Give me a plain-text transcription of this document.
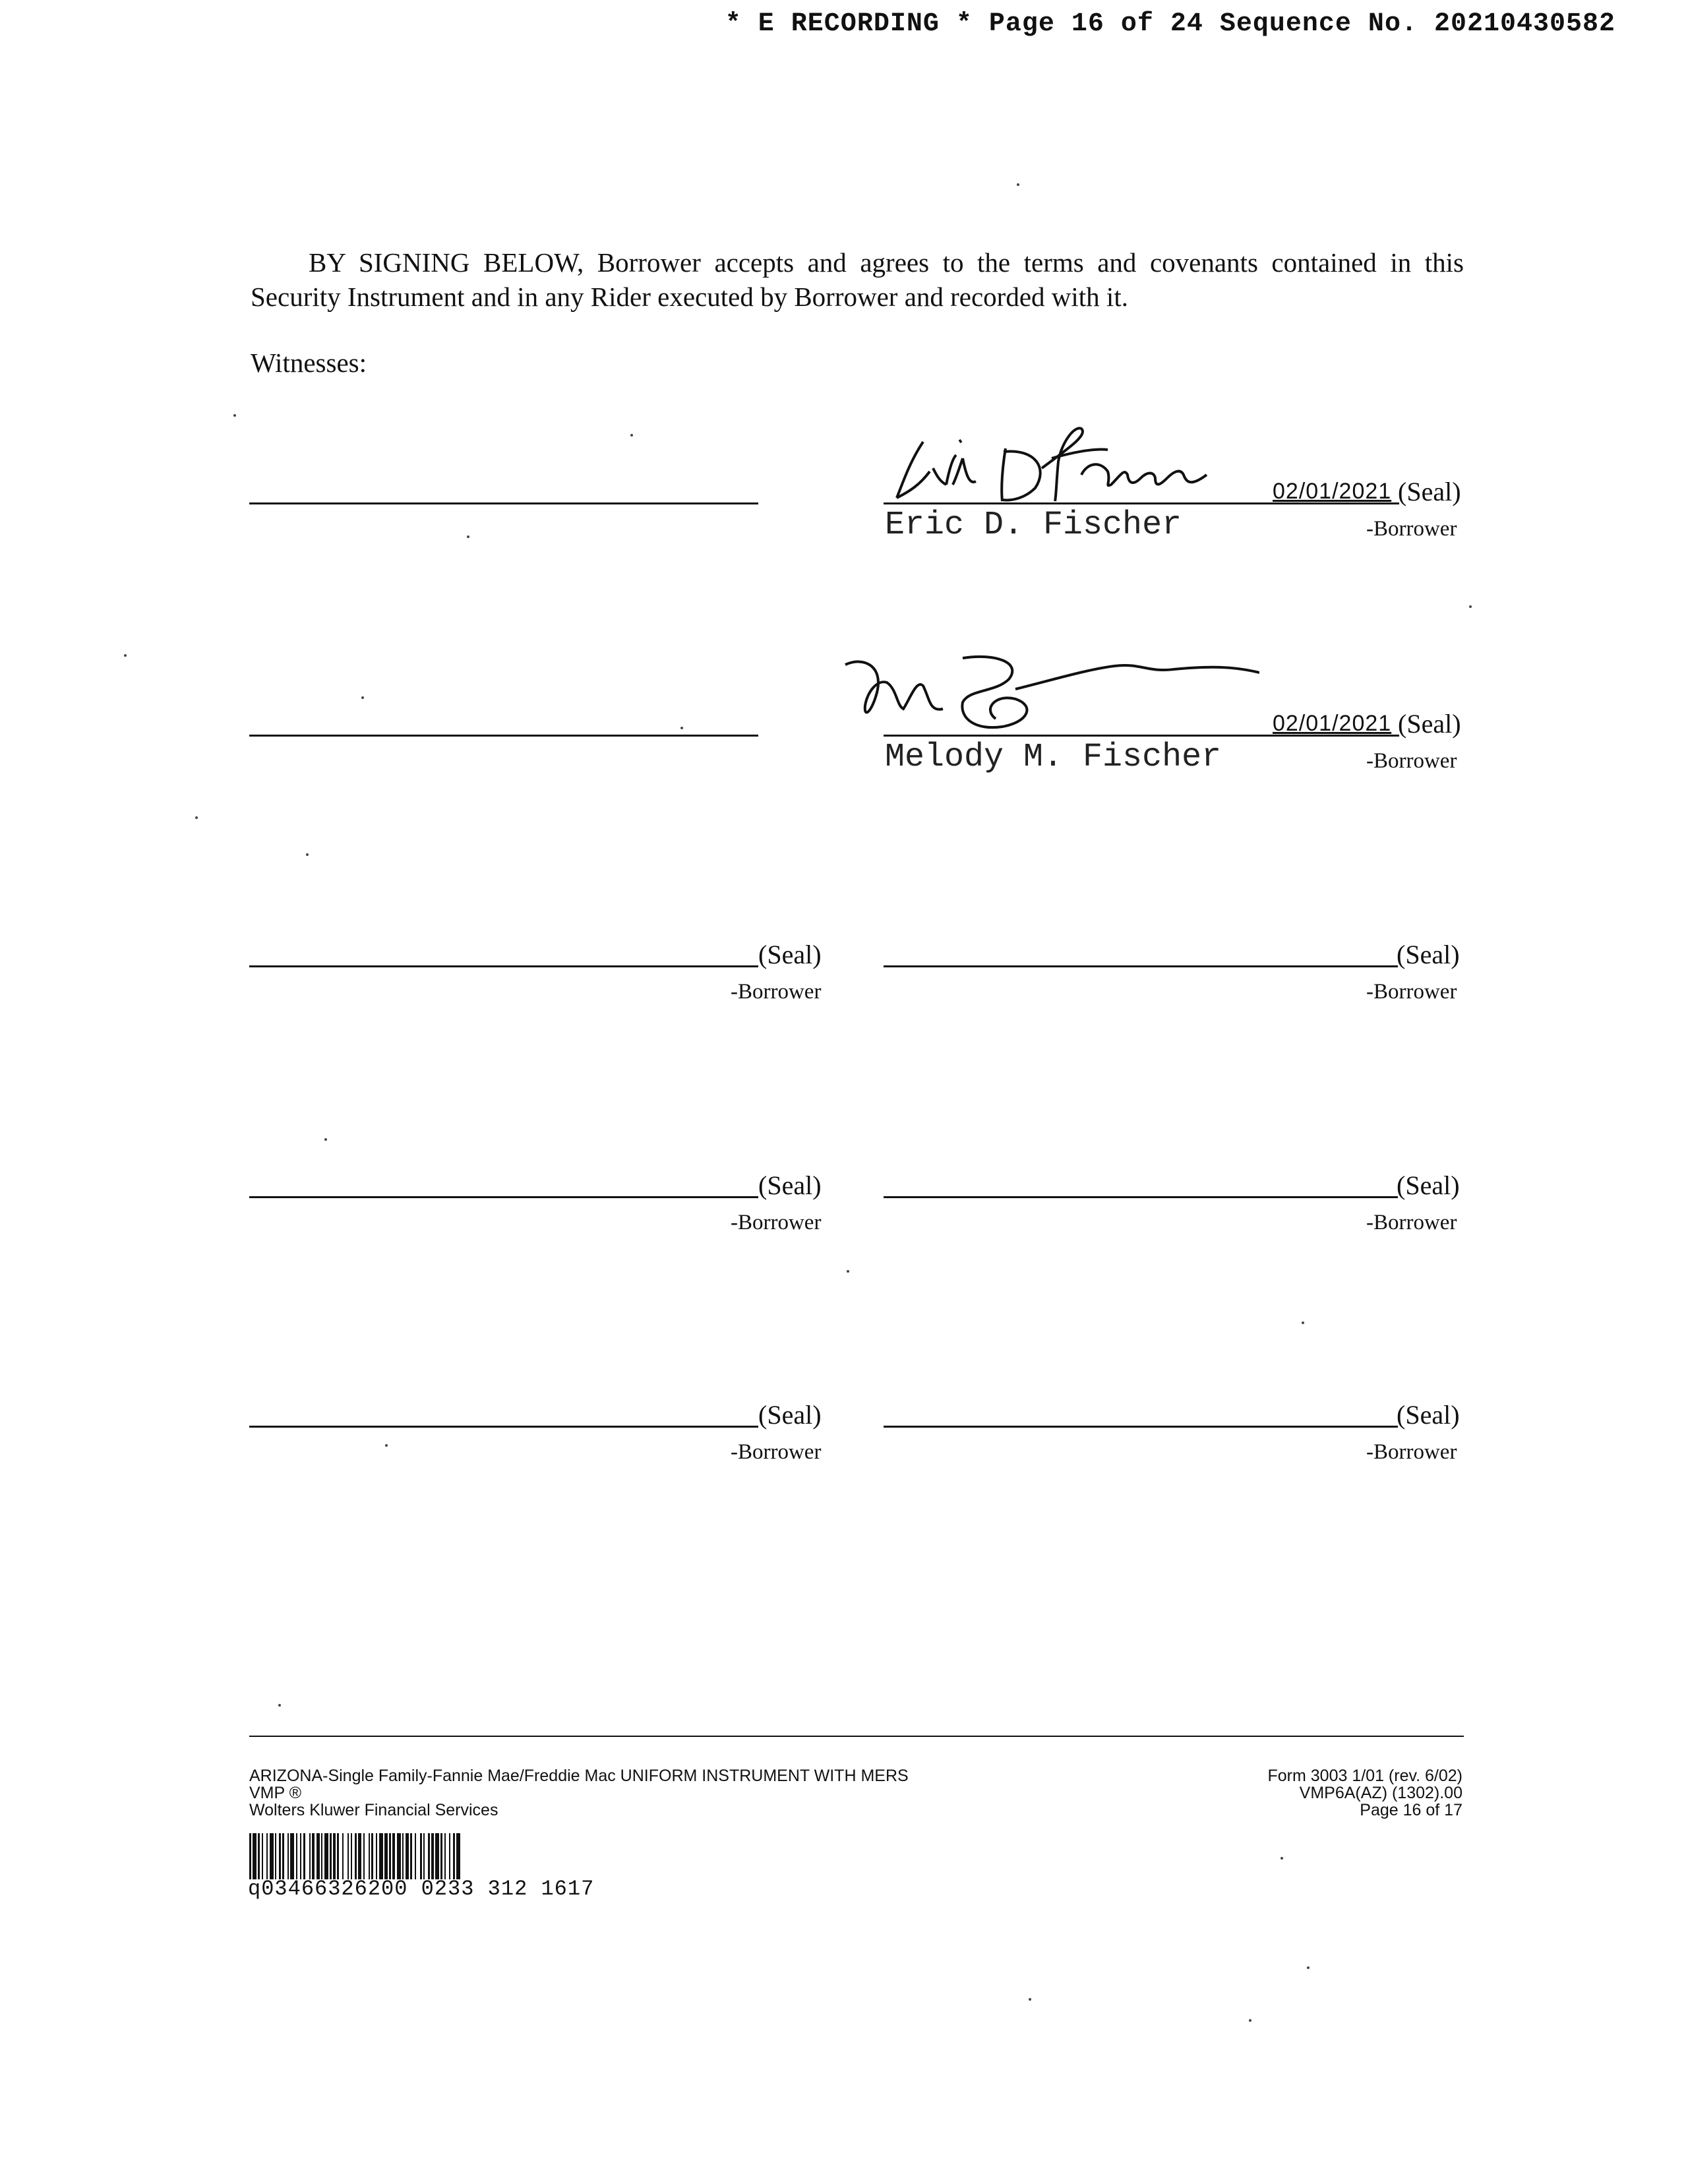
* E RECORDING * Page 16 of 24 Sequence No. 20210430582
BY SIGNING BELOW, Borrower accepts and agrees to the terms and covenants contained in this Security Instrument and in any Rider executed by Borrower and recorded with it.
Witnesses:
02/01/2021 (Seal)
Eric D. Fischer	-Borrower
02/01/2021 (Seal)
Melody M. Fischer	-Borrower
(Seal)
-Borrower
(Seal)
-Borrower
(Seal)
-Borrower
(Seal)
-Borrower
(Seal)
-Borrower
(Seal)
-Borrower
ARIZONA-Single Family-Fannie Mae/Freddie Mac UNIFORM INSTRUMENT WITH MERS
VMP ®
Wolters Kluwer Financial Services
Form 3003 1/01 (rev. 6/02)
VMP6A(AZ) (1302).00
Page 16 of 17
q03466326200 0233 312 1617
